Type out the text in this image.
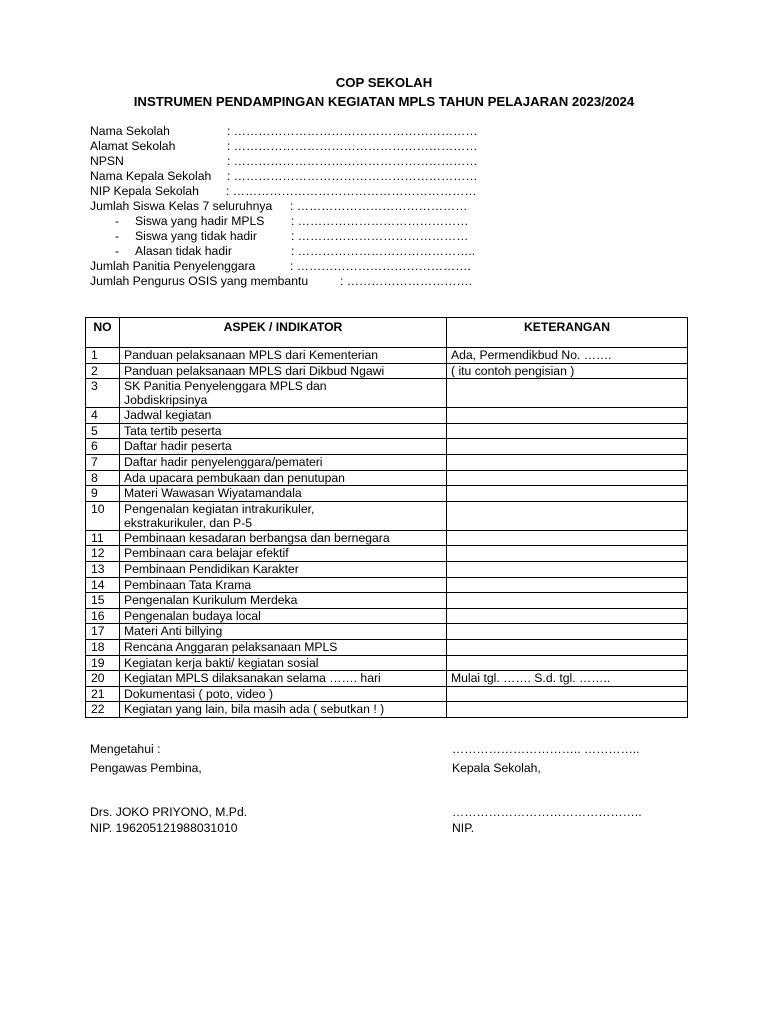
COP SEKOLAH
INSTRUMEN PENDAMPINGAN KEGIATAN MPLS TAHUN PELAJARAN 2023/2024
Nama Sekolah	: ……………………………………………………
Alamat Sekolah	: ……………………………………………………
NPSN	: ……………………………………………………
Nama Kepala Sekolah : ……………………………………………………
NIP Kepala Sekolah : ……………………………………………………
Jumlah Siswa Kelas 7 seluruhnya : ……………………………………
- Siswa yang hadir MPLS : ……………………………………
- Siswa yang tidak hadir	: ……………………………………
- Alasan tidak hadir	: ……………………………………..
Jumlah Panitia Penyelenggara	: …………………………………….
Jumlah Pengurus OSIS yang membantu	: ………………………….
NO	ASPEK / INDIKATOR	KETERANGAN
1	Panduan pelaksanaan MPLS dari Kementerian	Ada, Permendikbud No. …….
2	Panduan pelaksanaan MPLS dari Dikbud Ngawi	( itu contoh pengisian )
3	SK Panitia Penyelenggara MPLS dan Jobdiskripsinya	
4	Jadwal kegiatan	
5	Tata tertib peserta	
6	Daftar hadir peserta	
7	Daftar hadir penyelenggara/pemateri	
8	Ada upacara pembukaan dan penutupan	
9	Materi Wawasan Wiyatamandala	
10	Pengenalan kegiatan intrakurikuler, ekstrakurikuler, dan P-5	
11	Pembinaan kesadaran berbangsa dan bernegara	
12	Pembinaan cara belajar efektif	
13	Pembinaan Pendidikan Karakter	
14	Pembinaan Tata Krama	
15	Pengenalan Kurikulum Merdeka	
16	Pengenalan budaya local	
17	Materi Anti billying	
18	Rencana Anggaran pelaksanaan MPLS	
19	Kegiatan kerja bakti/ kegiatan sosial	
20	Kegiatan MPLS dilaksanakan selama ……. hari	Mulai tgl. ……. S.d. tgl. ……..
21	Dokumentasi ( poto, video )	
22	Kegiatan yang lain, bila masih ada ( sebutkan ! )	
Mengetahui :
Pengawas Pembina,
Drs. JOKO PRIYONO, M.Pd.
NIP. 196205121988031010
………………………….. …………..
Kepala Sekolah,
………………………………………..
NIP.
